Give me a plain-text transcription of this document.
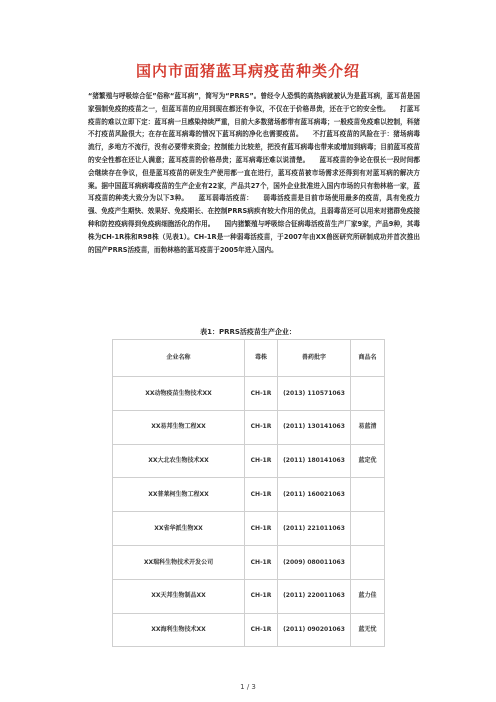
国内市面猪蓝耳病疫苗种类介绍
“猪繁殖与呼吸综合征”俗称“蓝耳病”，简写为“PRRS”。曾经令人恐惧的高热病就被认为是蓝耳病，蓝耳苗是国家强制免疫的疫苗之一，但蓝耳苗的应用到现在都还有争议，不仅在于价格昂贵，还在于它的安全性。　　打蓝耳疫苗的难以立即下定：蓝耳病一旦感染持续严重，目前大多数猪场都带有蓝耳病毒；一般疫苗免疫难以控制，科猪不打疫苗风险很大；在存在蓝耳病毒的情况下蓝耳病的净化也需要疫苗。　　不打蓝耳疫苗的风险在于：猪场病毒流行，多地方不流行，没有必要带来资金；控制能力比较差，把没有蓝耳病毒也带来或增加到病毒；目前蓝耳疫苗的安全性都在还让人满意；蓝耳疫苗的价格昂贵；蓝耳病毒还难以说清楚。　　蓝耳疫苗的争论在很长一段时间都会继续存在争议，但是蓝耳疫苗的研发生产使用都一直在进行，蓝耳疫苗被市场需求还得到有对蓝耳病的解决方案。据中国蓝耳病病毒疫苗的生产企业有22家，产品共27个，国外企业批准进入国内市场的只有勃林格一家，蓝耳疫苗的种类大致分为以下3种。　　蓝耳弱毒活疫苗：　　弱毒活疫苗是目前市场使用最多的疫苗，具有免疫力强、免疫产生期快、效果好、免疫期长、在控制PRRS病疾有较大作用的优点，且弱毒苗还可以用来对猪群免疫接种和防控疫病得到免疫病细胞活化的作用。　　国内猪繁殖与呼吸综合征病毒活疫苗生产厂家9家，产品9种，其毒株为CH-1R株和R98株（见表1）。CH-1R是一种弱毒活疫苗，于2007年由XX兽医研究所研制成功并首次推出的国产PRRS活疫苗，而勃林格的蓝耳疫苗于2005年进入国内。
表1：PRRS活疫苗生产企业：
企业名称	毒株	兽药批字	商品名
XX动物疫苗生物技术XX	CH-1R	(2013) 110571063	
XX易邦生物工程XX	CH-1R	(2011) 130141063	易蓝清
XX大北农生物技术XX	CH-1R	(2011) 180141063	蓝定优
XX普莱柯生物工程XX	CH-1R	(2011) 160021063	
XX省华派生物XX	CH-1R	(2011) 221011063	
XX瑞科生物技术开发公司	CH-1R	(2009) 080011063	
XX天邦生物制品XX	CH-1R	(2011) 220011063	蓝力佳
XX海利生物技术XX	CH-1R	(2011) 090201063	蓝无忧
1 / 3
